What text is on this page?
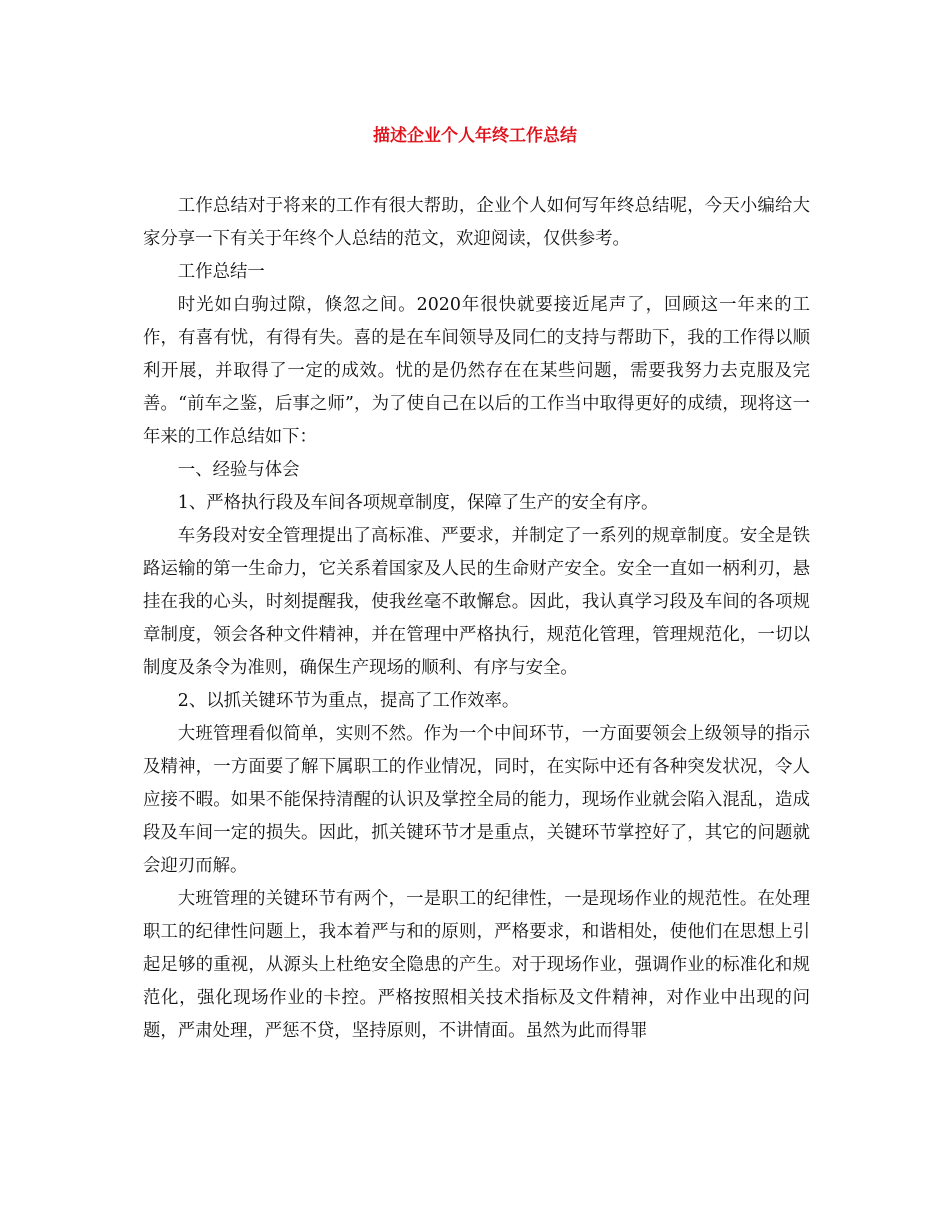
描述企业个人年终工作总结

工作总结对于将来的工作有很大帮助，企业个人如何写年终总结呢，今天小编给大家分享一下有关于年终个人总结的范文，欢迎阅读，仅供参考。

工作总结一

时光如白驹过隙，倏忽之间。2020年很快就要接近尾声了，回顾这一年来的工作，有喜有忧，有得有失。喜的是在车间领导及同仁的支持与帮助下，我的工作得以顺利开展，并取得了一定的成效。忧的是仍然存在在某些问题，需要我努力去克服及完善。“前车之鉴，后事之师”，为了使自己在以后的工作当中取得更好的成绩，现将这一年来的工作总结如下：

一、经验与体会

1、严格执行段及车间各项规章制度，保障了生产的安全有序。

车务段对安全管理提出了高标准、严要求，并制定了一系列的规章制度。安全是铁路运输的第一生命力，它关系着国家及人民的生命财产安全。安全一直如一柄利刃，悬挂在我的心头，时刻提醒我，使我丝毫不敢懈怠。因此，我认真学习段及车间的各项规章制度，领会各种文件精神，并在管理中严格执行，规范化管理，管理规范化，一切以制度及条令为准则，确保生产现场的顺利、有序与安全。

2、以抓关键环节为重点，提高了工作效率。

大班管理看似简单，实则不然。作为一个中间环节，一方面要领会上级领导的指示及精神，一方面要了解下属职工的作业情况，同时，在实际中还有各种突发状况，令人应接不暇。如果不能保持清醒的认识及掌控全局的能力，现场作业就会陷入混乱，造成段及车间一定的损失。因此，抓关键环节才是重点，关键环节掌控好了，其它的问题就会迎刃而解。

大班管理的关键环节有两个，一是职工的纪律性，一是现场作业的规范性。在处理职工的纪律性问题上，我本着严与和的原则，严格要求，和谐相处，使他们在思想上引起足够的重视，从源头上杜绝安全隐患的产生。对于现场作业，强调作业的标准化和规范化，强化现场作业的卡控。严格按照相关技术指标及文件精神，对作业中出现的问题，严肃处理，严惩不贷，坚持原则，不讲情面。虽然为此而得罪
